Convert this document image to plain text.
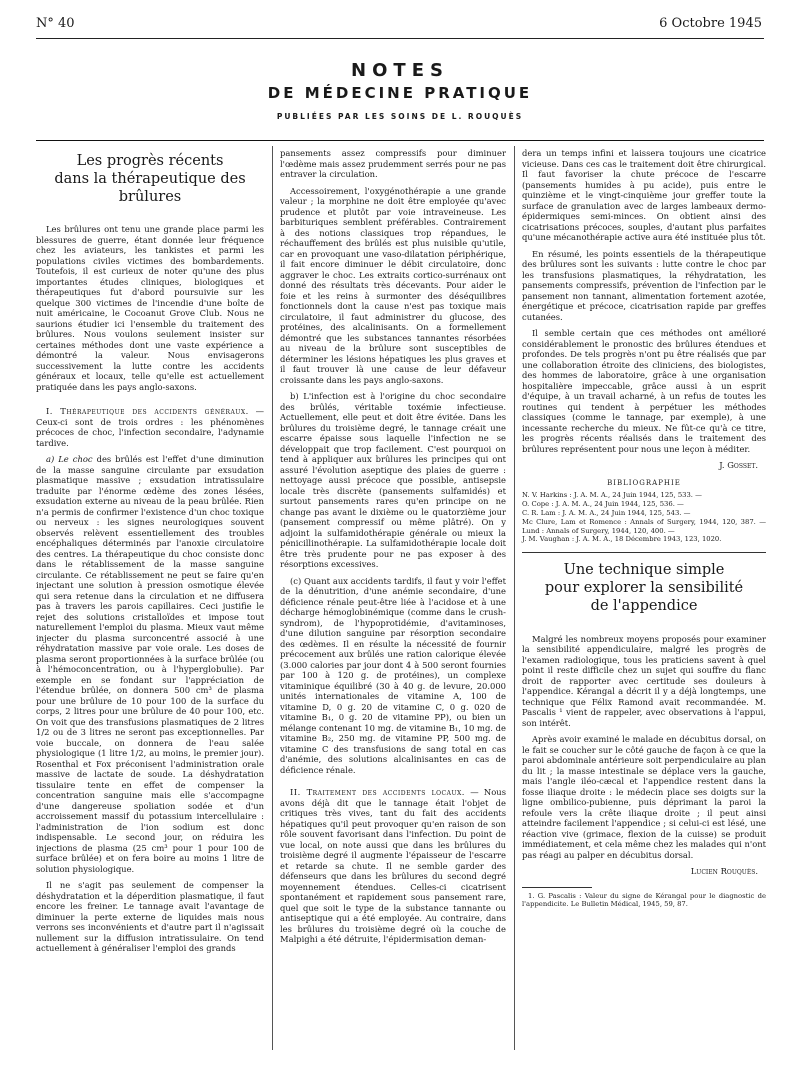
N° 40	6 Octobre 1945
NOTES
DE MÉDECINE PRATIQUE
PUBLIÉES PAR LES SOINS DE L. ROUQUÈS
Les progrès récents
dans la thérapeutique des brûlures

Les brûlures ont tenu une grande place parmi les blessures de guerre, étant donnée leur fréquence chez les aviateurs, les tankistes et parmi les populations civiles victimes des bombardements. Toutefois, il est curieux de noter qu'une des plus importantes études cliniques, biologiques et thérapeutiques fut d'abord poursuivie sur les quelque 300 victimes de l'incendie d'une boîte de nuit américaine, le Cocoanut Grove Club. Nous ne saurions étudier ici l'ensemble du traitement des brûlures. Nous voulons seulement insister sur certaines méthodes dont une vaste expérience a démontré la valeur. Nous envisagerons successivement la lutte contre les accidents généraux et locaux, telle qu'elle est actuellement pratiquée dans les pays anglo-saxons.

I. Thérapeutique des accidents généraux. — Ceux-ci sont de trois ordres : les phénomènes précoces de choc, l'infection secondaire, l'adynamie tardive.

a) Le choc des brûlés est l'effet d'une diminution de la masse sanguine circulante par exsudation plasmatique massive ; exsudation intratissulaire traduite par l'énorme œdème des zones lésées, exsudation externe au niveau de la peau brûlée. Rien n'a permis de confirmer l'existence d'un choc toxique ou nerveux : les signes neurologiques souvent observés relèvent essentiellement des troubles encéphaliques déterminés par l'anoxie circulatoire des centres. La thérapeutique du choc consiste donc dans le rétablissement de la masse sanguine circulante. Ce rétablissement ne peut se faire qu'en injectant une solution à pression osmotique élevée qui sera retenue dans la circulation et ne diffusera pas à travers les parois capillaires. Ceci justifie le rejet des solutions cristalloïdes et impose tout naturellement l'emploi du plasma. Mieux vaut même injecter du plasma surconcentré associé à une réhydratation massive par voie orale. Les doses de plasma seront proportionnées à la surface brûlée (ou à l'hémoconcentration, ou à l'hyperglobulie). Par exemple en se fondant sur l'appréciation de l'étendue brûlée, on donnera 500 cm³ de plasma pour une brûlure de 10 pour 100 de la surface du corps, 2 litres pour une brûlure de 40 pour 100, etc. On voit que des transfusions plasmatiques de 2 litres 1/2 ou de 3 litres ne seront pas exceptionnelles. Par voie buccale, on donnera de l'eau salée physiologique (1 litre 1/2, au moins, le premier jour). Rosenthal et Fox préconisent l'administration orale massive de lactate de soude. La déshydratation tissulaire tente en effet de compenser la concentration sanguine mais elle s'accompagne d'une dangereuse spoliation sodée et d'un accroissement massif du potassium intercellulaire : l'administration de l'ion sodium est donc indispensable. Le second jour, on réduira les injections de plasma (25 cm³ pour 1 pour 100 de surface brûlée) et on fera boire au moins 1 litre de solution physiologique.

Il ne s'agit pas seulement de compenser la déshydratation et la déperdition plasmatique, il faut encore les freiner. Le tannage avait l'avantage de diminuer la perte externe de liquides mais nous verrons ses inconvénients et d'autre part il n'agissait nullement sur la diffusion intratissulaire. On tend actuellement à généraliser l'emploi des grands

pansements assez compressifs pour diminuer l'œdème mais assez prudemment serrés pour ne pas entraver la circulation.

Accessoirement, l'oxygénothérapie a une grande valeur ; la morphine ne doit être employée qu'avec prudence et plutôt par voie intraveineuse. Les barbituriques semblent préférables. Contrairement à des notions classiques trop répandues, le réchauffement des brûlés est plus nuisible qu'utile, car en provoquant une vaso-dilatation périphérique, il fait encore diminuer le débit circulatoire, donc aggraver le choc. Les extraits cortico-surrénaux ont donné des résultats très décevants. Pour aider le foie et les reins à surmonter des déséquilibres fonctionnels dont la cause n'est pas toxique mais circulatoire, il faut administrer du glucose, des protéines, des alcalinisants. On a formellement démontré que les substances tannantes résorbées au niveau de la brûlure sont susceptibles de déterminer les lésions hépatiques les plus graves et il faut trouver là une cause de leur défaveur croissante dans les pays anglo-saxons.

b) L'infection est à l'origine du choc secondaire des brûlés, véritable toxémie infectieuse. Actuellement, elle peut et doit être évitée. Dans les brûlures du troisième degré, le tannage créait une escarre épaisse sous laquelle l'infection ne se développait que trop facilement. C'est pourquoi on tend à appliquer aux brûlures les principes qui ont assuré l'évolution aseptique des plaies de guerre : nettoyage aussi précoce que possible, antisepsie locale très discrète (pansements sulfamidés) et surtout pansements rares qu'en principe on ne change pas avant le dixième ou le quatorzième jour (pansement compressif ou même plâtré). On y adjoint la sulfamidothérapie générale ou mieux la pénicillinothérapie. La sulfamidothérapie locale doit être très prudente pour ne pas exposer à des résorptions excessives.

(c) Quant aux accidents tardifs, il faut y voir l'effet de la dénutrition, d'une anémie secondaire, d'une déficience rénale peut-être liée à l'acidose et à une décharge hémoglobinémique (comme dans le crush-syndrom), de l'hypoprotidémie, d'avitaminoses, d'une dilution sanguine par résorption secondaire des œdèmes. Il en résulte la nécessité de fournir précocement aux brûlés une ration calorique élevée (3.000 calories par jour dont 4 à 500 seront fournies par 100 à 120 g. de protéines), un complexe vitaminique équilibré (30 à 40 g. de levure, 20.000 unités internationales de vitamine A, 100 de vitamine D, 0 g. 20 de vitamine C, 0 g. 020 de vitamine B₁, 0 g. 20 de vitamine PP), ou bien un mélange contenant 10 mg. de vitamine B₁, 10 mg. de vitamine B₂, 250 mg. de vitamine PP, 500 mg. de vitamine C des transfusions de sang total en cas d'anémie, des solutions alcalinisantes en cas de déficience rénale.

II. Traitement des accidents locaux. — Nous avons déjà dit que le tannage était l'objet de critiques très vives, tant du fait des accidents hépatiques qu'il peut provoquer qu'en raison de son rôle souvent favorisant dans l'infection. Du point de vue local, on note aussi que dans les brûlures du troisième degré il augmente l'épaisseur de l'escarre et retarde sa chute. Il ne semble garder des défenseurs que dans les brûlures du second degré moyennement étendues. Celles-ci cicatrisent spontanément et rapidement sous pansement rare, quel que soit le type de la substance tannante ou antiseptique qui a été employée. Au contraire, dans les brûlures du troisième degré où la couche de Malpighi a été détruite, l'épidermisation deman-

dera un temps infini et laissera toujours une cicatrice vicieuse. Dans ces cas le traitement doit être chirurgical. Il faut favoriser la chute précoce de l'escarre (pansements humides à pu acide), puis entre le quinzième et le vingt-cinquième jour greffer toute la surface de granulation avec de larges lambeaux dermo-épidermiques semi-minces. On obtient ainsi des cicatrisations précoces, souples, d'autant plus parfaites qu'une mécanothérapie active aura été instituée plus tôt.

En résumé, les points essentiels de la thérapeutique des brûlures sont les suivants : lutte contre le choc par les transfusions plasmatiques, la réhydratation, les pansements compressifs, prévention de l'infection par le pansement non tannant, alimentation fortement azotée, énergétique et précoce, cicatrisation rapide par greffes cutanées.

Il semble certain que ces méthodes ont amélioré considérablement le pronostic des brûlures étendues et profondes. De tels progrès n'ont pu être réalisés que par une collaboration étroite des cliniciens, des biologistes, des hommes de laboratoire, grâce à une organisation hospitalière impeccable, grâce aussi à un esprit d'équipe, à un travail acharné, à un refus de toutes les routines qui tendent à perpétuer les méthodes classiques (comme le tannage, par exemple), à une incessante recherche du mieux. Ne fût-ce qu'à ce titre, les progrès récents réalisés dans le traitement des brûlures représentent pour nous une leçon à méditer.

J. Gosset.

BIBLIOGRAPHIE

N. V. Harkins : J. A. M. A., 24 Juin 1944, 125, 533. —
O. Cope : J. A. M. A., 24 Juin 1944, 125, 536. —
C. R. Lam : J. A. M. A., 24 Juin 1944, 125, 543. —
Mc Clure, Lam et Romence : Annals of Surgery, 1944, 120, 387. — Lund : Annals of Surgery, 1944, 120, 400. —
J. M. Vaughan : J. A. M. A., 18 Décembre 1943, 123, 1020.
Une technique simple
pour explorer la sensibilité
de l'appendice

Malgré les nombreux moyens proposés pour examiner la sensibilité appendiculaire, malgré les progrès de l'examen radiologique, tous les praticiens savent à quel point il reste difficile chez un sujet qui souffre du flanc droit de rapporter avec certitude ses douleurs à l'appendice. Kérangal a décrit il y a déjà longtemps, une technique que Félix Ramond avait recommandée. M. Pascalis ¹ vient de rappeler, avec observations à l'appui, son intérêt.

Après avoir examiné le malade en décubitus dorsal, on le fait se coucher sur le côté gauche de façon à ce que la paroi abdominale antérieure soit perpendiculaire au plan du lit ; la masse intestinale se déplace vers la gauche, mais l'angle iléo-cæcal et l'appendice restent dans la fosse iliaque droite : le médecin place ses doigts sur la ligne ombilico-pubienne, puis déprimant la paroi la refoule vers la crête iliaque droite ; il peut ainsi atteindre facilement l'appendice ; si celui-ci est lésé, une réaction vive (grimace, flexion de la cuisse) se produit immédiatement, et cela même chez les malades qui n'ont pas réagi au palper en décubitus dorsal.

Lucien Rouquès.

1. G. Pascalis : Valeur du signe de Kérangal pour le diagnostic de l'appendicite. Le Bulletin Médical, 1945, 59, 87.
